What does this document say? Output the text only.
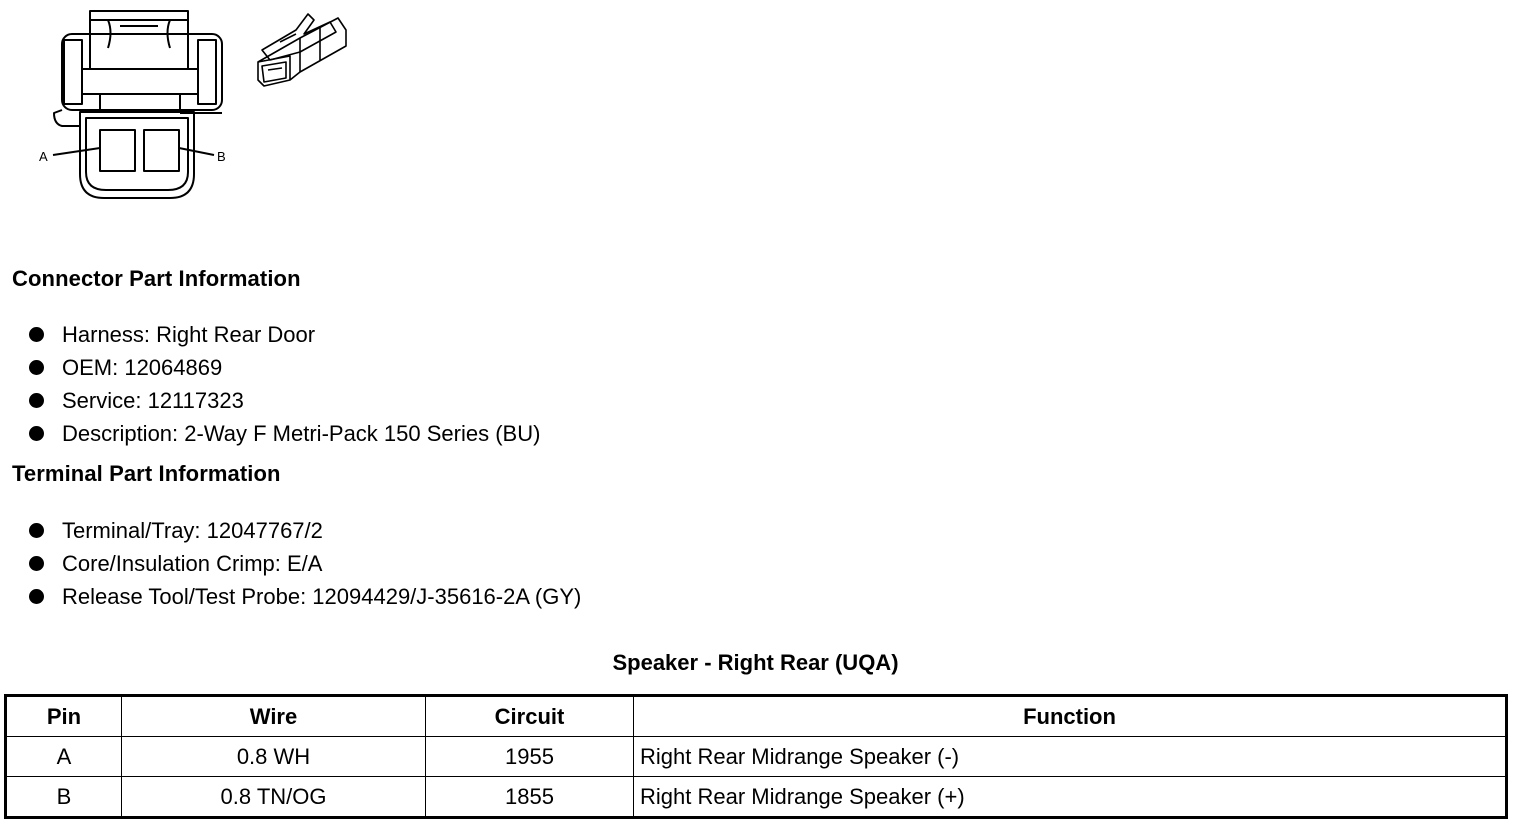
A	B
Connector Part Information
Harness: Right Rear Door
OEM: 12064869
Service: 12117323
Description: 2-Way F Metri-Pack 150 Series (BU)
Terminal Part Information
Terminal/Tray: 12047767/2
Core/Insulation Crimp: E/A
Release Tool/Test Probe: 12094429/J-35616-2A (GY)
Speaker - Right Rear (UQA)
Pin	Wire	Circuit	Function
A	0.8 WH	1955	Right Rear Midrange Speaker (-)
B	0.8 TN/OG	1855	Right Rear Midrange Speaker (+)
